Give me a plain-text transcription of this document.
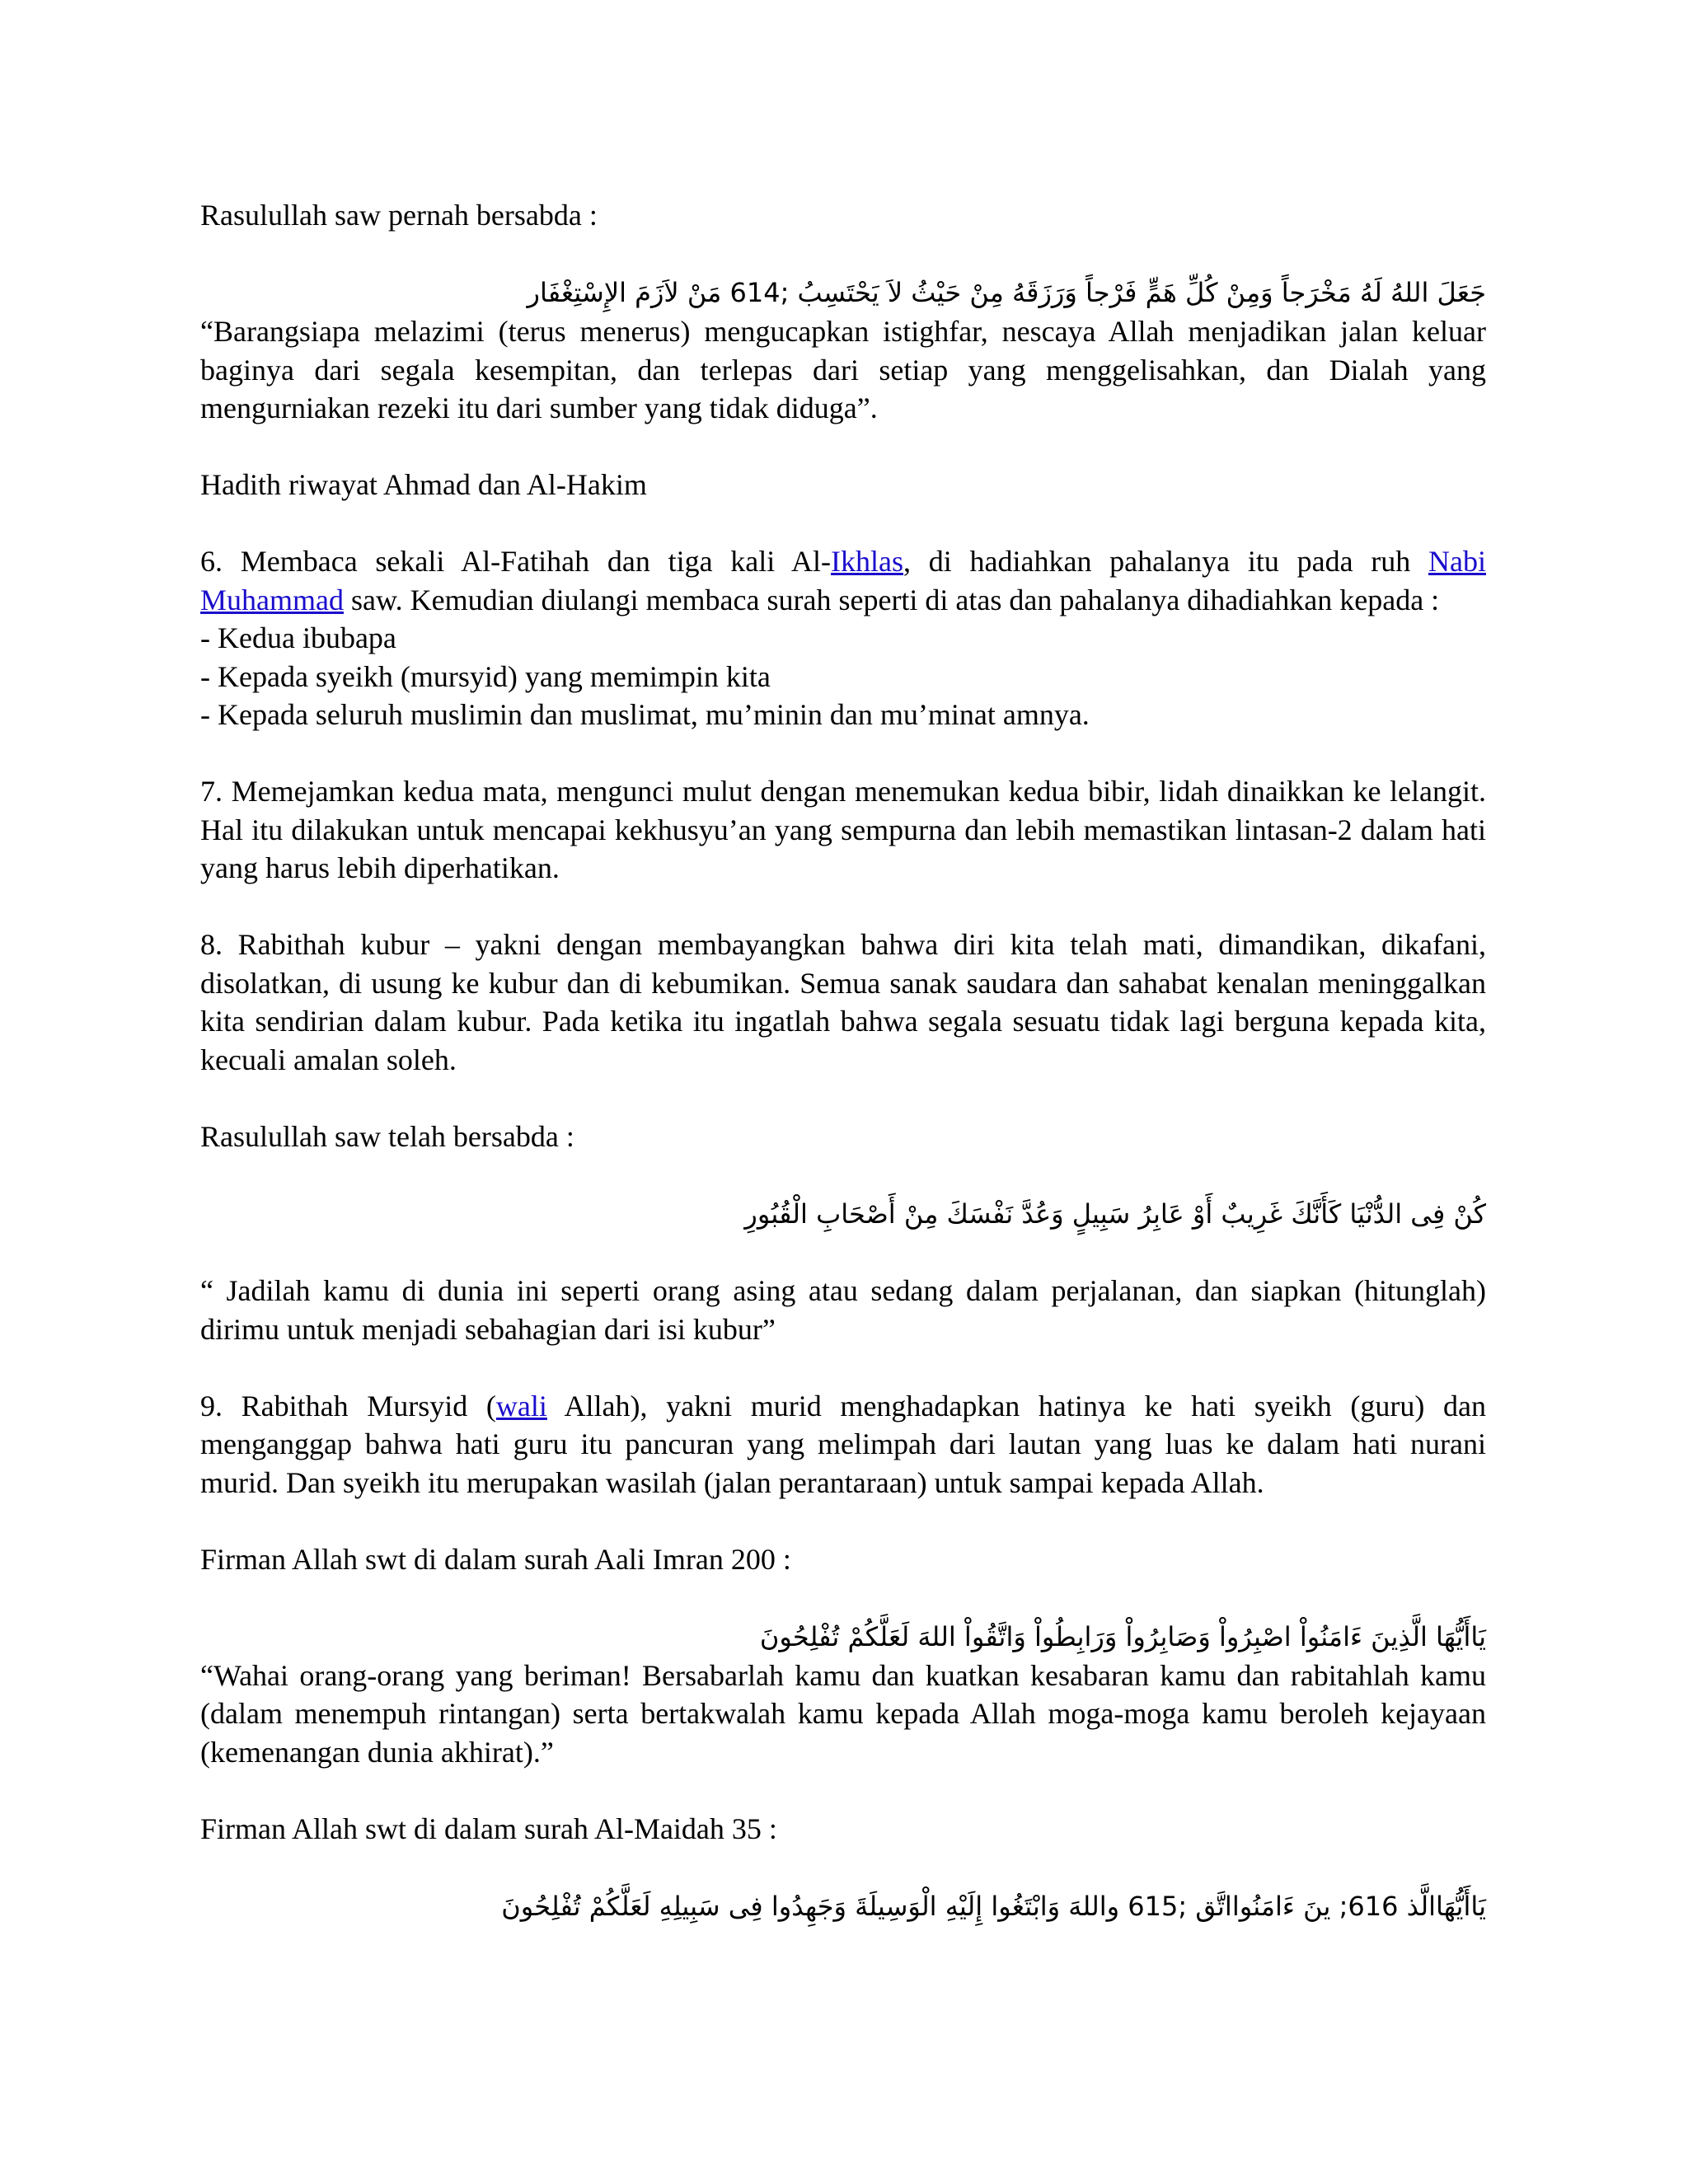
Rasulullah saw pernah bersabda :

جَعَلَ اللهُ لَهُ مَخْرَجاً وَمِنْ كُلِّ هَمٍّ فَرْجاً وَرَزَقَهُ مِنْ حَيْثُ لاَ يَحْتَسِبُ ;614 مَنْ لاَزَمَ الإِسْتِغْفَار

“Barangsiapa melazimi (terus menerus) mengucapkan istighfar, nescaya Allah menjadikan jalan keluar baginya dari segala kesempitan, dan terlepas dari setiap yang menggelisahkan, dan Dialah yang mengurniakan rezeki itu dari sumber yang tidak diduga”.

Hadith riwayat Ahmad dan Al-Hakim

6. Membaca sekali Al-Fatihah dan tiga kali Al-Ikhlas, di hadiahkan pahalanya itu pada ruh Nabi Muhammad saw. Kemudian diulangi membaca surah seperti di atas dan pahalanya dihadiahkan kepada :
- Kedua ibubapa
- Kepada syeikh (mursyid) yang memimpin kita
- Kepada seluruh muslimin dan muslimat, mu’minin dan mu’minat amnya.

7. Memejamkan kedua mata, mengunci mulut dengan menemukan kedua bibir, lidah dinaikkan ke lelangit. Hal itu dilakukan untuk mencapai kekhusyu’an yang sempurna dan lebih memastikan lintasan-2 dalam hati yang harus lebih diperhatikan.

8. Rabithah kubur – yakni dengan membayangkan bahwa diri kita telah mati, dimandikan, dikafani, disolatkan, di usung ke kubur dan di kebumikan. Semua sanak saudara dan sahabat kenalan meninggalkan kita sendirian dalam kubur. Pada ketika itu ingatlah bahwa segala sesuatu tidak lagi berguna kepada kita, kecuali amalan soleh.

Rasulullah saw telah bersabda :

كُنْ فِى الدُّنْيَا كَأَنَّكَ غَرِيبٌ أَوْ عَابِرُ سَبِيلٍ وَعُدَّ نَفْسَكَ مِنْ أَصْحَابِ الْقُبُورِ

“ Jadilah kamu di dunia ini seperti orang asing atau sedang dalam perjalanan, dan siapkan (hitunglah) dirimu untuk menjadi sebahagian dari isi kubur”

9. Rabithah Mursyid (wali Allah), yakni murid menghadapkan hatinya ke hati syeikh (guru) dan menganggap bahwa hati guru itu pancuran yang melimpah dari lautan yang luas ke dalam hati nurani murid. Dan syeikh itu merupakan wasilah (jalan perantaraan) untuk sampai kepada Allah.

Firman Allah swt di dalam surah Aali Imran 200 :

يَاأَيُّهَا الَّذِينَ ءَامَنُواْ اصْبِرُواْ وَصَابِرُواْ وَرَابِطُواْ وَاتَّقُواْ اللهَ لَعَلَّكُمْ تُفْلِحُونَ

“Wahai orang-orang yang beriman! Bersabarlah kamu dan kuatkan kesabaran kamu dan rabitahlah kamu (dalam menempuh rintangan) serta bertakwalah kamu kepada Allah moga-moga kamu beroleh kejayaan (kemenangan dunia akhirat).”

Firman Allah swt di dalam surah Al-Maidah 35 :

يَاأَيُّهَاالَّذ 616; ينَ ءَامَنُوااتَّق ;615 واللهَ وَابْتَغُوا إِلَيْهِ الْوَسِيلَةَ وَجَهِدُوا فِى سَبِيلِهِ لَعَلَّكُمْ تُفْلِحُونَ
